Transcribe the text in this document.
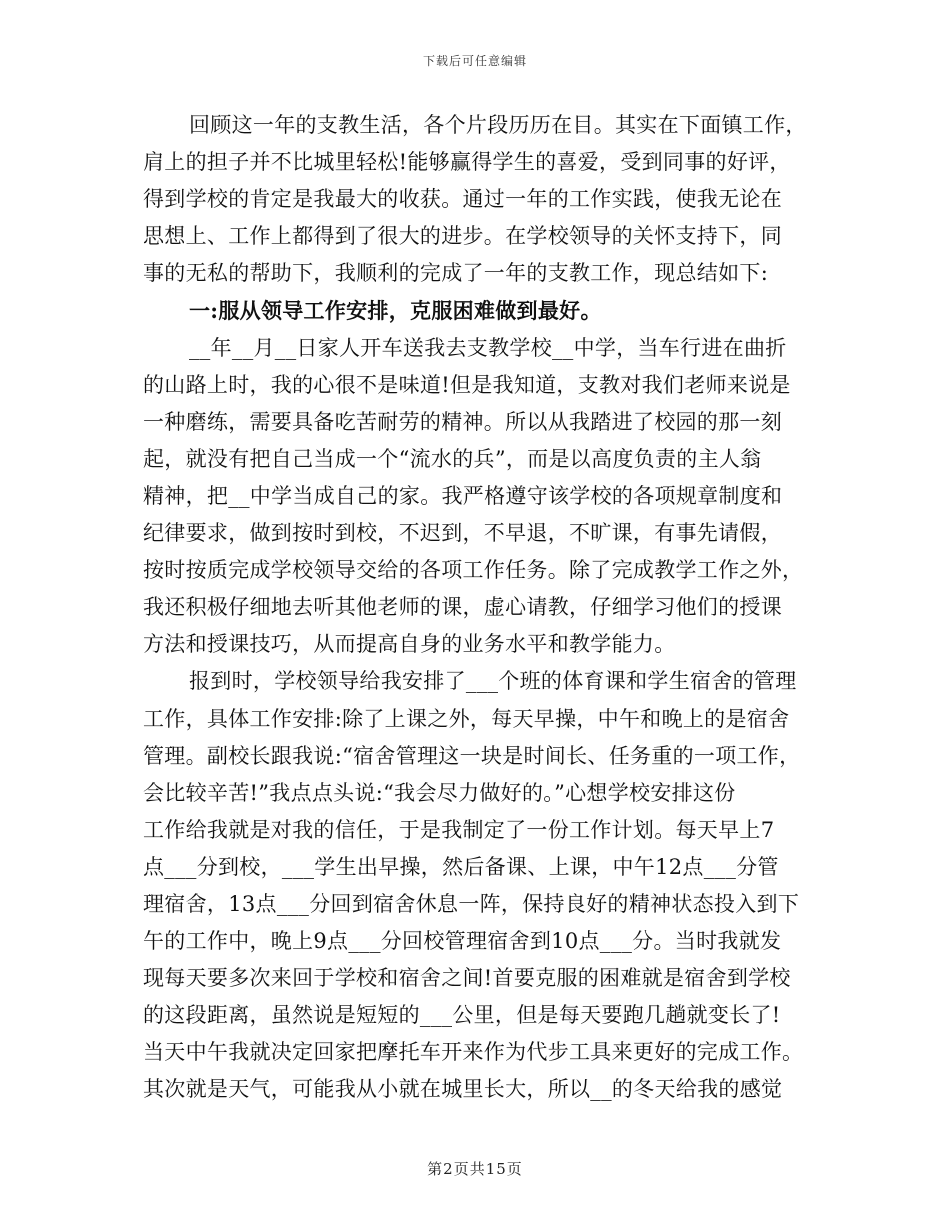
下载后可任意编辑

回顾这一年的支教生活，各个片段历历在目。其实在下面镇工作，
肩上的担子并不比城里轻松!能够赢得学生的喜爱，受到同事的好评，
得到学校的肯定是我最大的收获。通过一年的工作实践，使我无论在
思想上、工作上都得到了很大的进步。在学校领导的关怀支持下，同
事的无私的帮助下，我顺利的完成了一年的支教工作，现总结如下:

一:服从领导工作安排，克服困难做到最好。

__年__月__日家人开车送我去支教学校__中学，当车行进在曲折
的山路上时，我的心很不是味道!但是我知道，支教对我们老师来说是
一种磨练，需要具备吃苦耐劳的精神。所以从我踏进了校园的那一刻
起，就没有把自己当成一个“流水的兵”，而是以高度负责的主人翁
精神，把__中学当成自己的家。我严格遵守该学校的各项规章制度和
纪律要求，做到按时到校，不迟到，不早退，不旷课，有事先请假，
按时按质完成学校领导交给的各项工作任务。除了完成教学工作之外，
我还积极仔细地去听其他老师的课，虚心请教，仔细学习他们的授课
方法和授课技巧，从而提高自身的业务水平和教学能力。

报到时，学校领导给我安排了___个班的体育课和学生宿舍的管理
工作，具体工作安排:除了上课之外，每天早操，中午和晚上的是宿舍
管理。副校长跟我说:“宿舍管理这一块是时间长、任务重的一项工作，
会比较辛苦!”我点点头说:“我会尽力做好的。”心想学校安排这份
工作给我就是对我的信任，于是我制定了一份工作计划。每天早上7
点___分到校，___学生出早操，然后备课、上课，中午12点___分管
理宿舍，13点___分回到宿舍休息一阵，保持良好的精神状态投入到下
午的工作中，晚上9点___分回校管理宿舍到10点___分。当时我就发
现每天要多次来回于学校和宿舍之间!首要克服的困难就是宿舍到学校
的这段距离，虽然说是短短的___公里，但是每天要跑几趟就变长了!
当天中午我就决定回家把摩托车开来作为代步工具来更好的完成工作。
其次就是天气，可能我从小就在城里长大，所以__的冬天给我的感觉

第2页共15页
